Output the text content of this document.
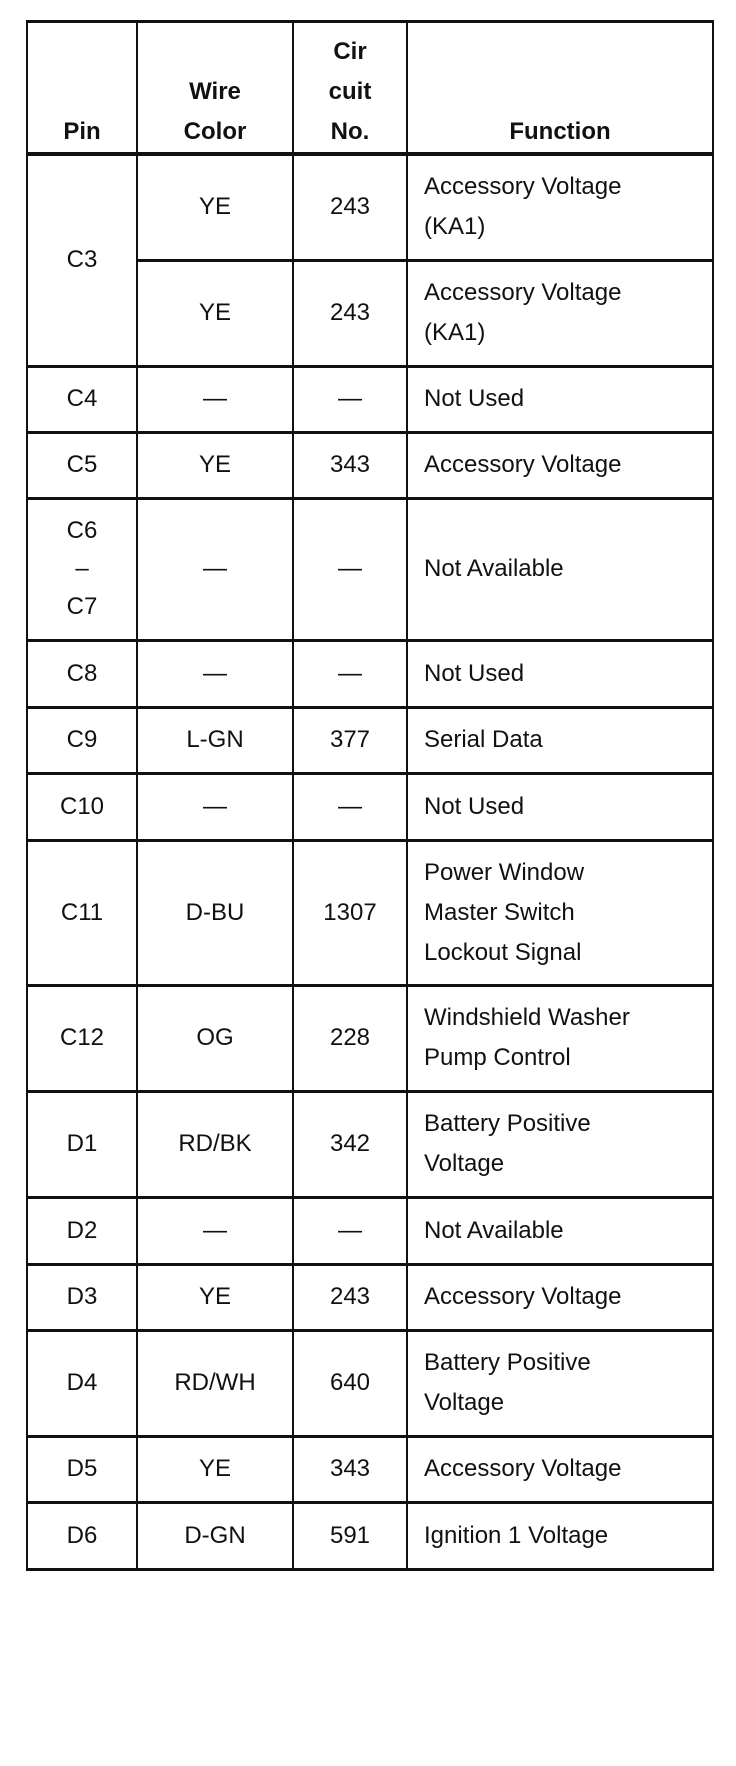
Pin	Wire Color	Cir cuit No.	Function
C3	YE	243	Accessory Voltage (KA1)

	YE	243	Accessory Voltage (KA1)

C4	—	—	Not Used
C5	YE	343	Accessory Voltage

C6 –C7	—	—	Not Available
C8	—	—	Not Used
C9	L-GN	377	Serial Data
C10	—	—	Not Used
C11	D-BU	1307	Power Window Master Switch Lockout Signal

C12	OG	228	Windshield Washer Pump Control

D1	RD/BK	342	Battery Positive Voltage

D2	—	—	Not Available
D3	YE	243	Accessory Voltage
D4	RD/WH	640	Battery Positive Voltage

D5	YE	343	Accessory Voltage
D6	D-GN	591	Ignition 1 Voltage
